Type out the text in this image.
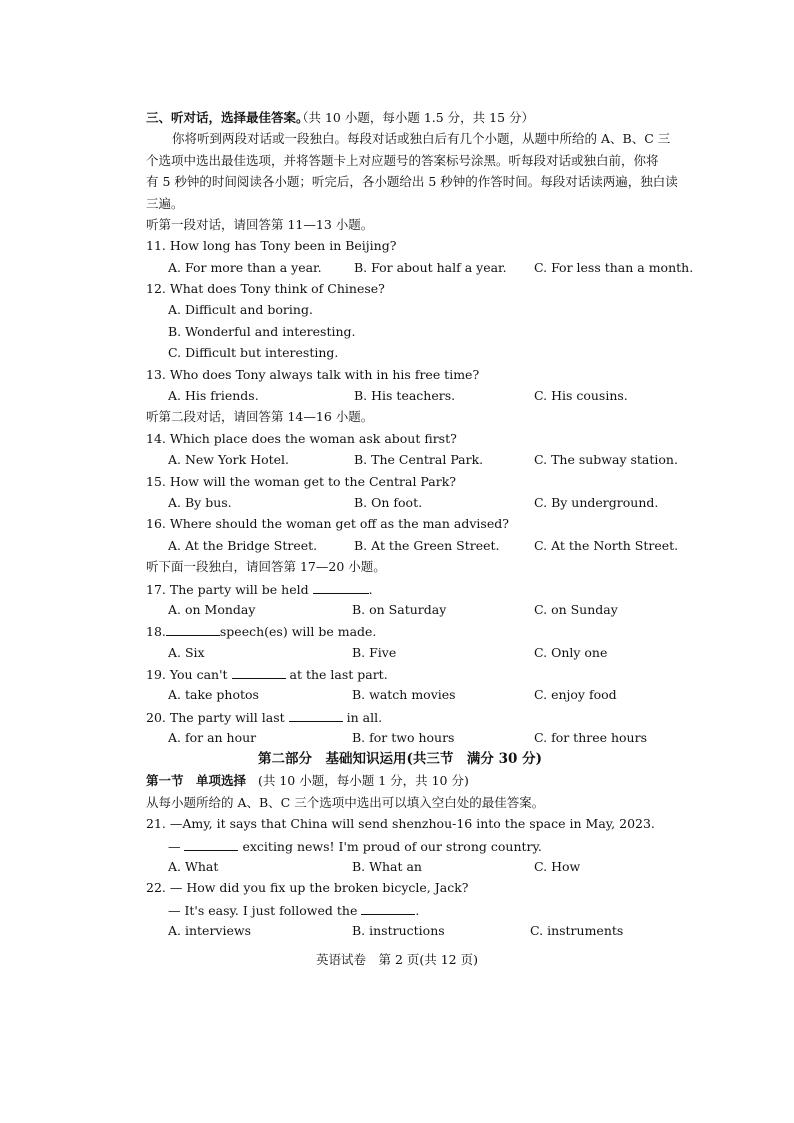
三、听对话，选择最佳答案。
（共 10 小题，每小题 1.5 分，共 15 分）
你将听到两段对话或一段独白。每段对话或独白后有几个小题，从题中所给的 A、B、C 三
个选项中选出最佳选项，并将答题卡上对应题号的答案标号涂黑。听每段对话或独白前，你将
有 5 秒钟的时间阅读各小题；听完后，各小题给出 5 秒钟的作答时间。每段对话读两遍，独白读
三遍。
听第一段对话，请回答第 11—13 小题。
11. How long has Tony been in Beijing?
A. For more than a year.	B. For about half a year. C. For less than a month.
12. What does Tony think of Chinese?
A. Difficult and boring.
B. Wonderful and interesting.
C. Difficult but interesting.
13. Who does Tony always talk with in his free time?
A. His friends.	B. His teachers.	C. His cousins.
听第二段对话，请回答第 14—16 小题。
14. Which place does the woman ask about first?
A. New York Hotel.	B. The Central Park.	C. The subway station.
15. How will the woman get to the Central Park?
A. By bus.	B. On foot.	C. By underground.
16. Where should the woman get off as the man advised?
A. At the Bridge Street.	B. At the Green Street.	C. At the North Street.
听下面一段独白，请回答第 17—20 小题。
17. The party will be held	.
A. on Monday	B. on Saturday	C. on Sunday
18.	speech(es) will be made.
A. Six	B. Five	C. Only one
19. You can't	at the last part.
A. take photos	B. watch movies	C. enjoy food
20. The party will last	in all.
A. for an hour	B. for two hours	C. for three hours
第二部分　基础知识运用(共三节　满分 30 分)
第一节　单项选择 (共 10 小题，每小题 1 分，共 10 分)
从每小题所给的 A、B、C 三个选项中选出可以填入空白处的最佳答案。
21. —Amy, it says that China will send shenzhou-16 into the space in May, 2023.
—	exciting news! I'm proud of our strong country.
A. What	B. What an	C. How
22. — How did you fix up the broken bicycle, Jack?
— It's easy. I just followed the	.
A. interviews	B. instructions	C. instruments
英语试卷　第 2 页(共 12 页)
